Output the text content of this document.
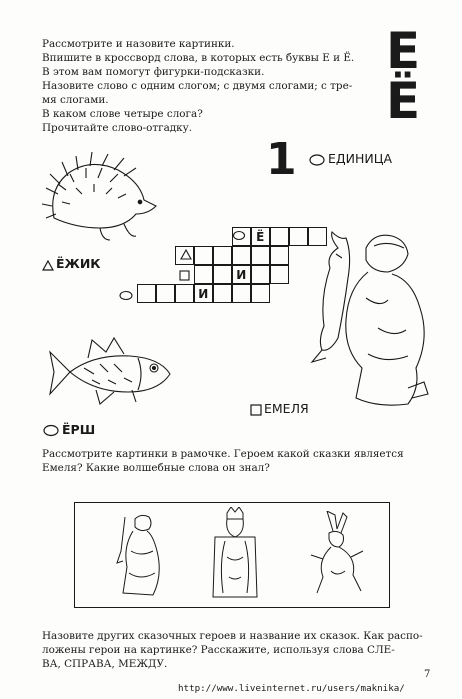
Рассмотрите и назовите картинки.
Впишите в кроссворд слова, в которых есть буквы Е и Ё.
В этом вам помогут фигурки-подсказки.
Назовите слово с одним слогом; с двумя слогами; с тре-
мя слогами.
В каком слове четыре слога?
Прочитайте слово-отгадку.
Е
Ё
1	ЕДИНИЦА
ЁЖИК
Ё
И
И
ЁРШ
ЕМЕЛЯ
Рассмотрите картинки в рамочке. Героем какой сказки является
Емеля? Какие волшебные слова он знал?
Назовите других сказочных героев и название их сказок. Как распо-
ложены герои на картинке? Расскажите, используя слова СЛЕ-
ВА, СПРАВА, МЕЖДУ.
7
http://www.liveinternet.ru/users/maknika/
